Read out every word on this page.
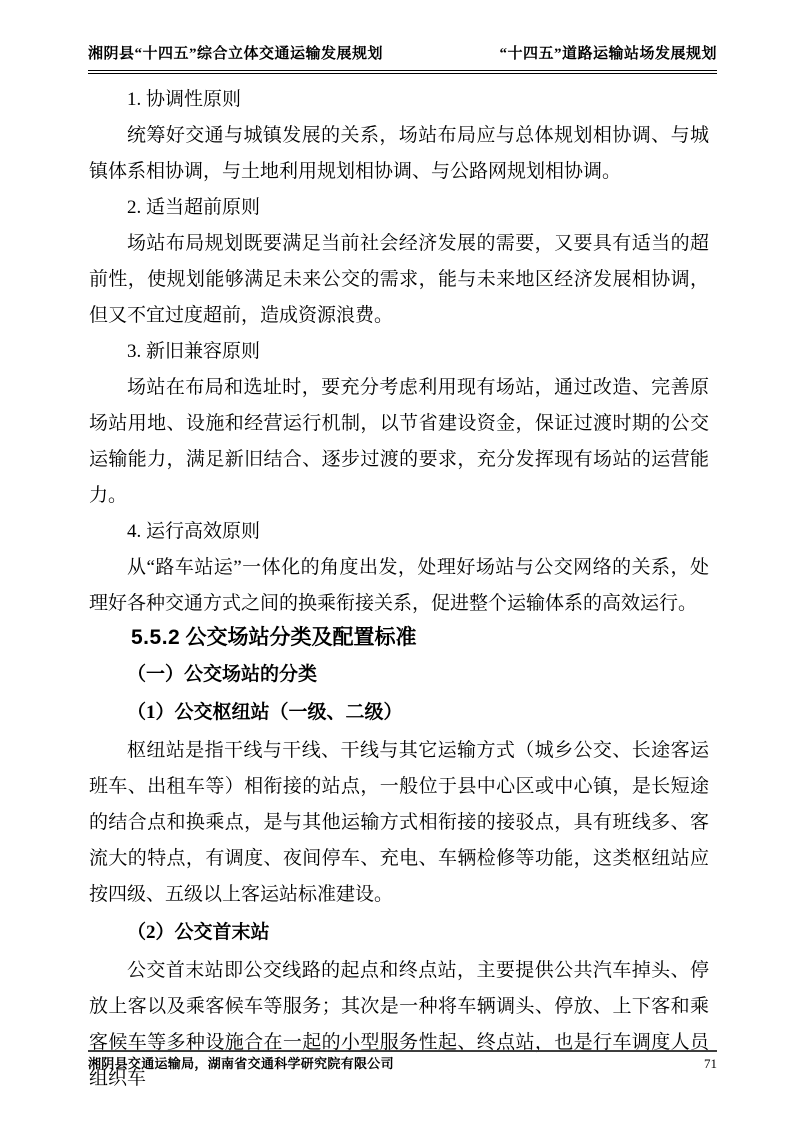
湘阴县“十四五”综合立体交通运输发展规划	“十四五”道路运输站场发展规划

1. 协调性原则

统筹好交通与城镇发展的关系，场站布局应与总体规划相协调、与城镇体系相协调，与土地利用规划相协调、与公路网规划相协调。

2. 适当超前原则

场站布局规划既要满足当前社会经济发展的需要，又要具有适当的超前性，使规划能够满足未来公交的需求，能与未来地区经济发展相协调，但又不宜过度超前，造成资源浪费。

3. 新旧兼容原则

场站在布局和选址时，要充分考虑利用现有场站，通过改造、完善原场站用地、设施和经营运行机制，以节省建设资金，保证过渡时期的公交运输能力，满足新旧结合、逐步过渡的要求，充分发挥现有场站的运营能力。

4. 运行高效原则

从“路车站运”一体化的角度出发，处理好场站与公交网络的关系，处理好各种交通方式之间的换乘衔接关系，促进整个运输体系的高效运行。

5.5.2 公交场站分类及配置标准

（一）公交场站的分类

（1）公交枢纽站（一级、二级）

枢纽站是指干线与干线、干线与其它运输方式（城乡公交、长途客运班车、出租车等）相衔接的站点，一般位于县中心区或中心镇，是长短途的结合点和换乘点，是与其他运输方式相衔接的接驳点，具有班线多、客流大的特点，有调度、夜间停车、充电、车辆检修等功能，这类枢纽站应按四级、五级以上客运站标准建设。

（2）公交首末站

公交首末站即公交线路的起点和终点站，主要提供公共汽车掉头、停放上客以及乘客候车等服务；其次是一种将车辆调头、停放、上下客和乘客候车等多种设施合在一起的小型服务性起、终点站，也是行车调度人员组织车

湘阴县交通运输局，湖南省交通科学研究院有限公司	71
